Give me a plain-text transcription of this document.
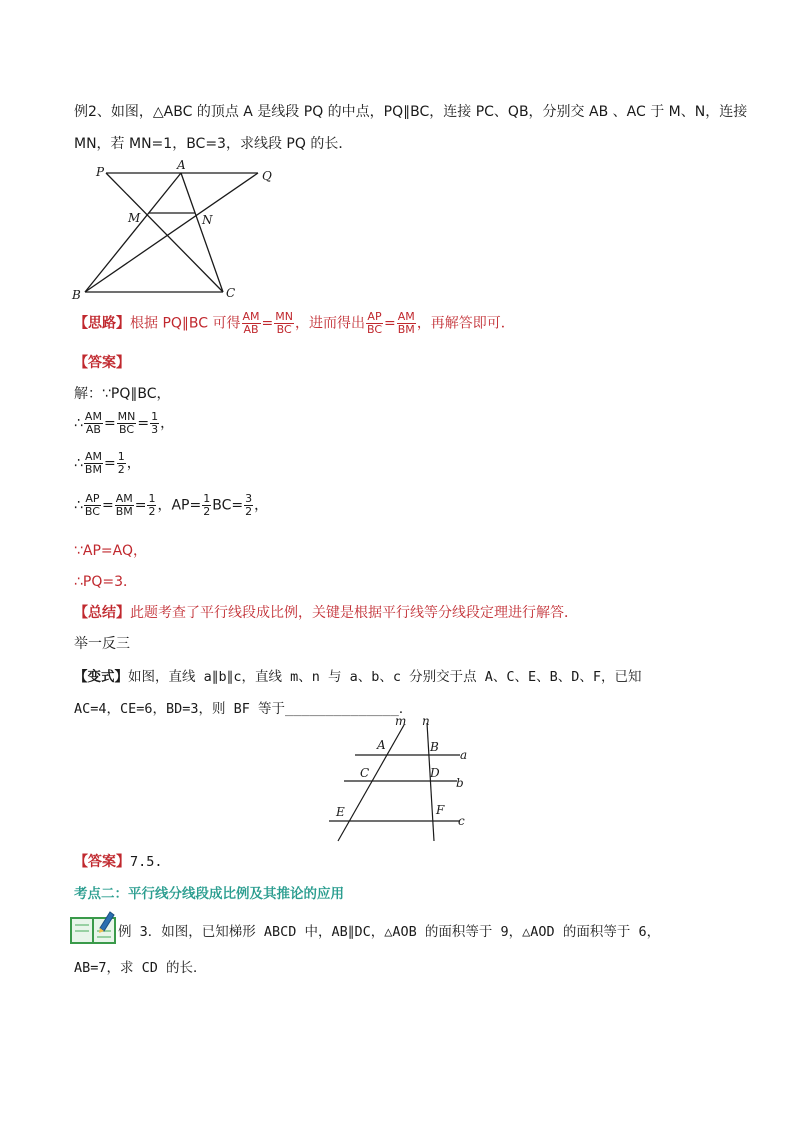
例2、如图，△ABC 的顶点 A 是线段 PQ 的中点，PQ∥BC，连接 PC、QB，分别交 AB 、AC 于 M、N，连接
MN，若 MN=1，BC=3，求线段 PQ 的长．
P	A
Q
M	N
B	C
【思路】根据 PQ∥BC 可得 $\frac{AM}{AB} = \frac{MN}{BC}$ ，进而得出 $\frac{AP}{BC} = \frac{AM}{BM}$ ，再解答即可．
【答案】
解：∵PQ∥BC，
∴ $\frac{AM}{AB} = \frac{MN}{BC} = \frac{1}{3}$ ，
∴ $\frac{AM}{BM} = \frac{1}{2}$ ，
∴ $\frac{AP}{BC} = \frac{AM}{BM} = \frac{1}{2}$ ，$AP= \frac{1}{2} BC= \frac{3}{2}$ ，
∵AP=AQ，
∴PQ=3．
【总结】此题考查了平行线段成比例，关键是根据平行线等分线段定理进行解答．
举一反三
【变式】如图，直线 a∥b∥c，直线 m、n 与 a、b、c 分别交于点 A、C、E、B、D、F，已知
AC=4，CE=6，BD=3，则 BF 等于______________．
m n
A	B
a
C	D
b
E	F
c
【答案】7.5.
考点二：平行线分线段成比例及其推论的应用
例 3．如图，已知梯形 ABCD 中，AB∥DC，△AOB 的面积等于 9，△AOD 的面积等于 6，
AB=7，求 CD 的长．
